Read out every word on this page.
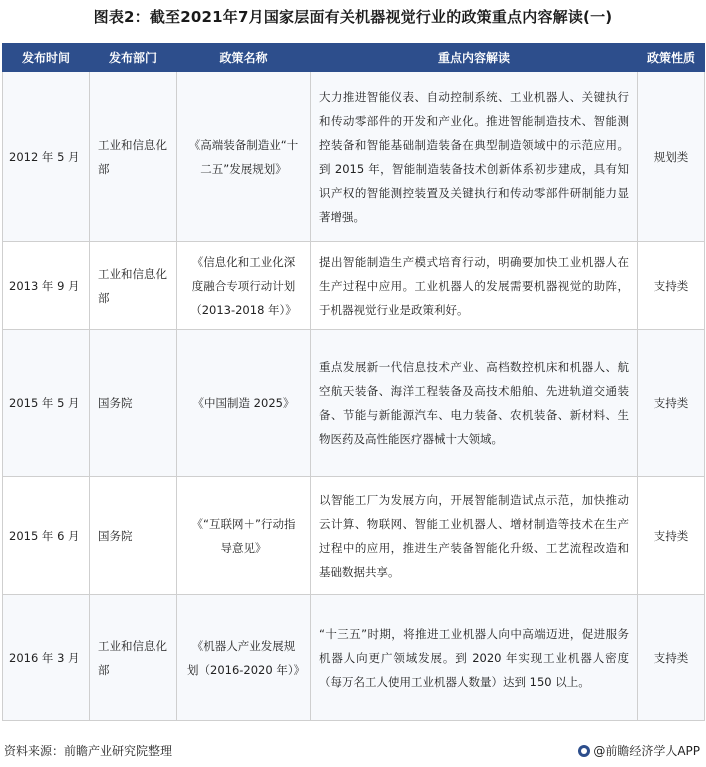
图表2：截至2021年7月国家层面有关机器视觉行业的政策重点内容解读(一)
发布时间	发布部门	政策名称	重点内容解读	政策性质
2012 年 5 月	工业和信息化部	《高端装备制造业“十二五”发展规划》	大力推进智能仪表、自动控制系统、工业机器人、关键执行和传动零部件的开发和产业化。推进智能制造技术、智能测控装备和智能基础制造装备在典型制造领域中的示范应用。到 2015 年，智能制造装备技术创新体系初步建成，具有知识产权的智能测控装置及关键执行和传动零部件研制能力显著增强。	规划类
2013 年 9 月	工业和信息化部	《信息化和工业化深度融合专项行动计划（2013-2018 年）》	提出智能制造生产模式培育行动，明确要加快工业机器人在生产过程中应用。工业机器人的发展需要机器视觉的助阵，于机器视觉行业是政策利好。	支持类
2015 年 5 月	国务院	《中国制造 2025》	重点发展新一代信息技术产业、高档数控机床和机器人、航空航天装备、海洋工程装备及高技术船舶、先进轨道交通装备、节能与新能源汽车、电力装备、农机装备、新材料、生物医药及高性能医疗器械十大领域。	支持类
2015 年 6 月	国务院	《“互联网＋”行动指导意见》	以智能工厂为发展方向，开展智能制造试点示范，加快推动云计算、物联网、智能工业机器人、增材制造等技术在生产过程中的应用，推进生产装备智能化升级、工艺流程改造和基础数据共享。	支持类
2016 年 3 月	工业和信息化部	《机器人产业发展规划（2016-2020 年）》	“十三五”时期，将推进工业机器人向中高端迈进，促进服务机器人向更广领域发展。到 2020 年实现工业机器人密度（每万名工人使用工业机器人数量）达到 150 以上。	支持类
资料来源：前瞻产业研究院整理	@前瞻经济学人APP
